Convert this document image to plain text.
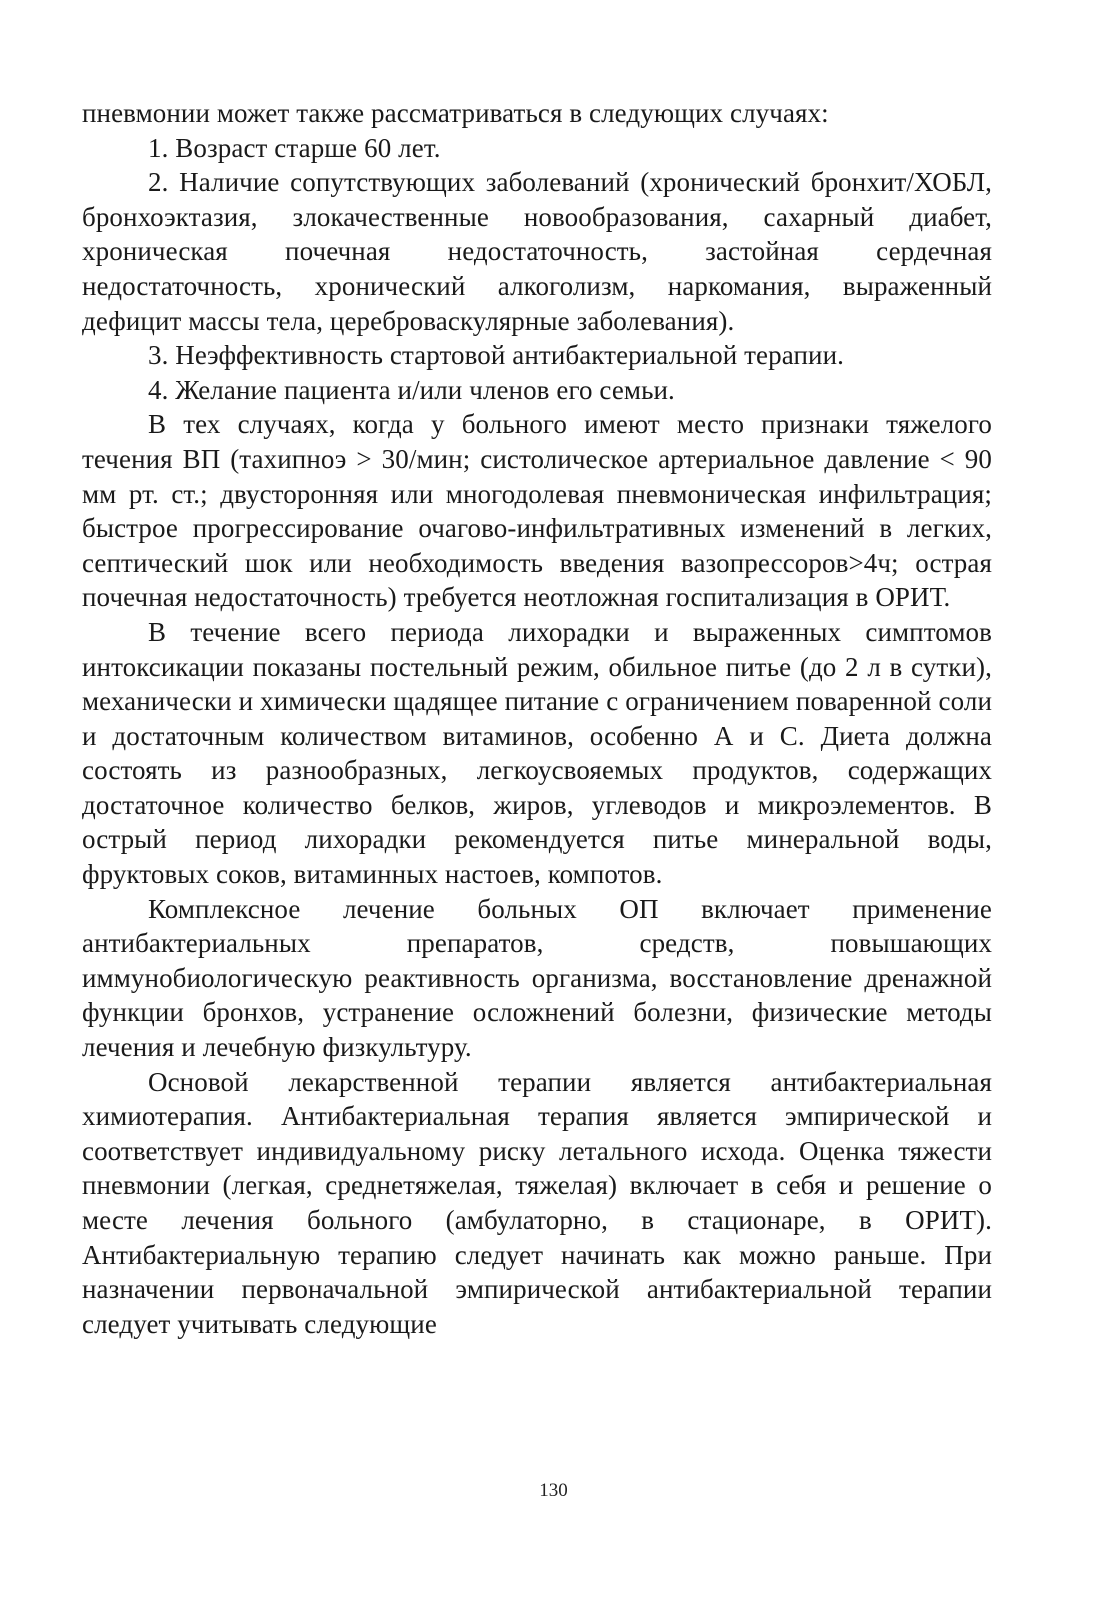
пневмонии может также рассматриваться в следующих случаях:

1. Возраст старше 60 лет.

2. Наличие сопутствующих заболеваний (хронический бронхит/ХОБЛ, бронхоэктазия, злокачественные новообразования, сахарный диабет, хроническая почечная недостаточность, застойная сердечная недостаточность, хронический алкоголизм, наркомания, выраженный дефицит массы тела, цереброваскулярные заболевания).

3. Неэффективность стартовой антибактериальной терапии.

4. Желание пациента и/или членов его семьи.

В тех случаях, когда у больного имеют место признаки тяжелого течения ВП (тахипноэ > 30/мин; систолическое артериальное давление < 90 мм рт. ст.; двусторонняя или многодолевая пневмоническая инфильтрация; быстрое прогрессирование очагово-инфильтративных изменений в легких, септический шок или необходимость введения вазопрессоров>4ч; острая почечная недостаточность) требуется неотложная госпитализация в ОРИТ.

В течение всего периода лихорадки и выраженных симптомов интоксикации показаны постельный режим, обильное питье (до 2 л в сутки), механически и химически щадящее питание с ограничением поваренной соли и достаточным количеством витаминов, особенно А и С. Диета должна состоять из разнообразных, легкоусвояемых продуктов, содержащих достаточное количество белков, жиров, углеводов и микроэлементов. В острый период лихорадки рекомендуется питье минеральной воды, фруктовых соков, витаминных настоев, компотов.

Комплексное лечение больных ОП включает применение антибактериальных препаратов, средств, повышающих иммунобиологическую реактивность организма, восстановление дренажной функции бронхов, устранение осложнений болезни, физические методы лечения и лечебную физкультуру.

Основой лекарственной терапии является антибактериальная химиотерапия. Антибактериальная терапия является эмпирической и соответствует индивидуальному риску летального исхода. Оценка тяжести пневмонии (легкая, среднетяжелая, тяжелая) включает в себя и решение о месте лечения больного (амбулаторно, в стационаре, в ОРИТ). Антибактериальную терапию следует начинать как можно раньше. При назначении первоначальной эмпирической антибактериальной терапии следует учитывать следующие

130
